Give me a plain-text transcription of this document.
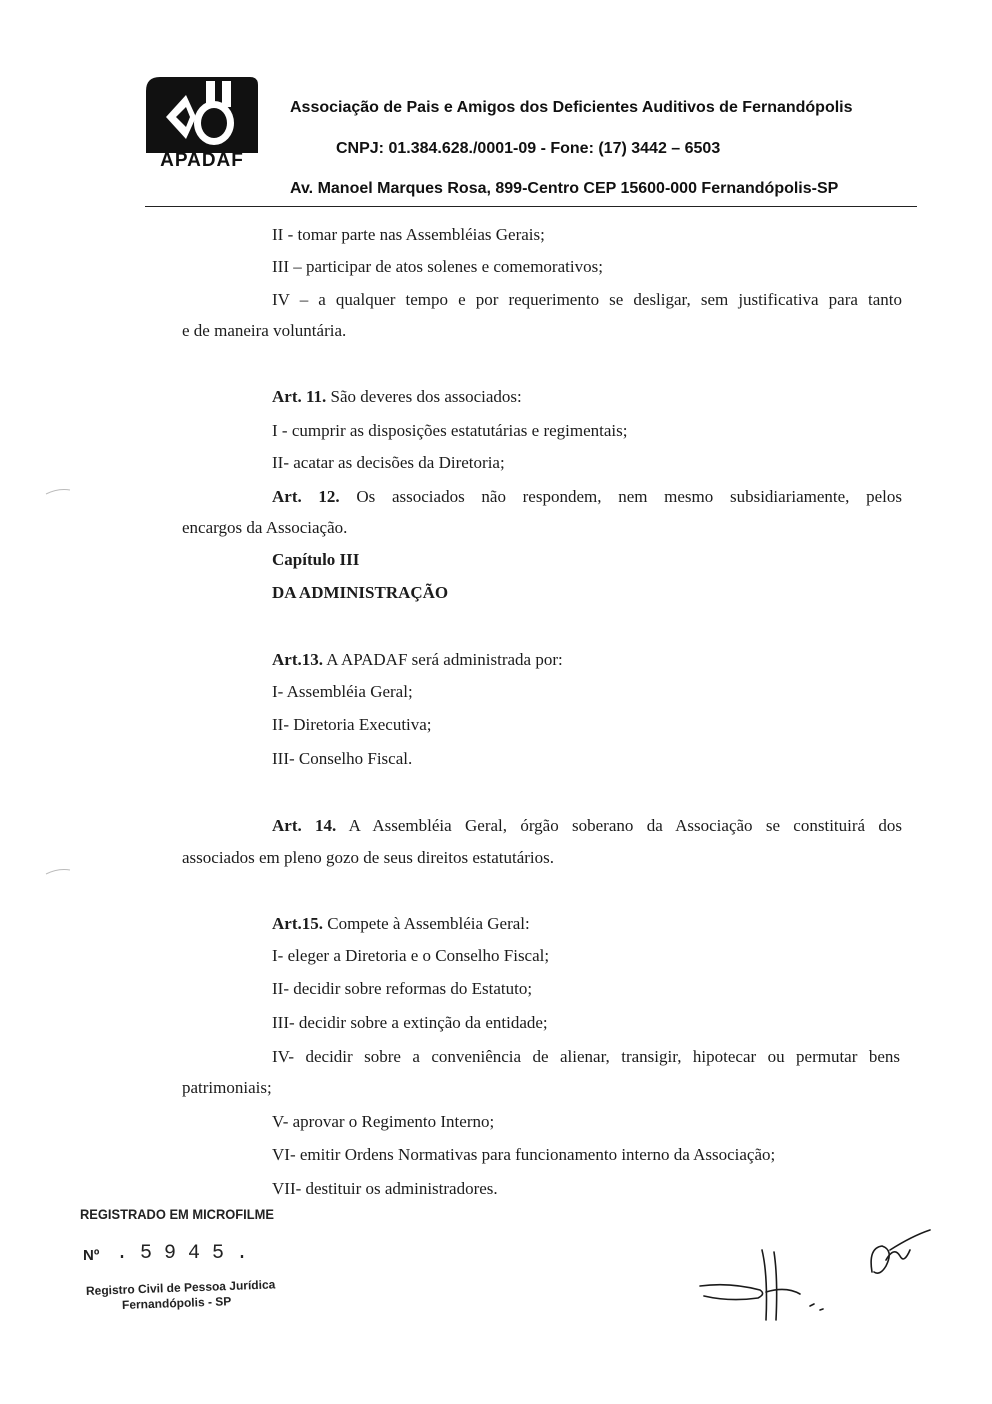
APADAF
Associação de Pais e Amigos dos Deficientes Auditivos de Fernandópolis
CNPJ: 01.384.628./0001-09 - Fone: (17) 3442 – 6503
Av. Manoel Marques Rosa, 899-Centro CEP 15600-000 Fernandópolis-SP
II - tomar parte nas Assembléias Gerais;
III – participar de atos solenes e comemorativos;
IV – a qualquer tempo e por requerimento se desligar, sem justificativa para tanto
e de maneira voluntária.
Art. 11. São deveres dos associados:
I - cumprir as disposições estatutárias e regimentais;
II- acatar as decisões da Diretoria;
Art. 12. Os associados não respondem, nem mesmo subsidiariamente, pelos
encargos da Associação.
Capítulo III
DA ADMINISTRAÇÃO
Art.13. A APADAF será administrada por:
I- Assembléia Geral;
II- Diretoria Executiva;
III- Conselho Fiscal.
Art. 14. A Assembléia Geral, órgão soberano da Associação se constituirá dos
associados em pleno gozo de seus direitos estatutários.
Art.15. Compete à Assembléia Geral:
I- eleger a Diretoria e o Conselho Fiscal;
II- decidir sobre reformas do Estatuto;
III- decidir sobre a extinção da entidade;
IV- decidir sobre a conveniência de alienar, transigir, hipotecar ou permutar bens
patrimoniais;
V- aprovar o Regimento Interno;
VI- emitir Ordens Normativas para funcionamento interno da Associação;
VII- destituir os administradores.
REGISTRADO EM MICROFILME
Nº . 5 9 4 5 .
Registro Civil de Pessoa Jurídica
Fernandópolis - SP
